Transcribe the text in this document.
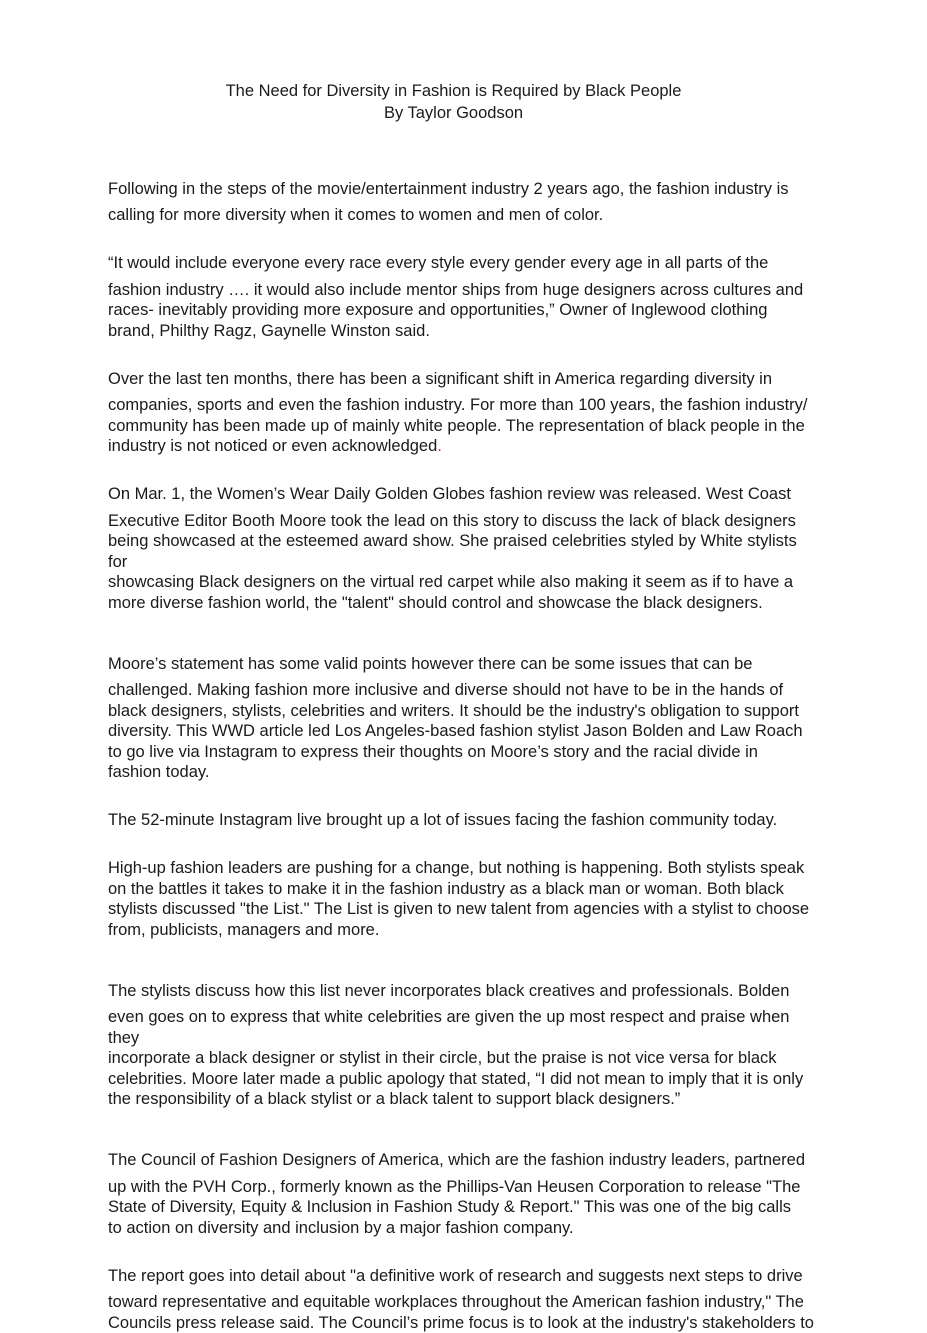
The Need for Diversity in Fashion is Required by Black People
By Taylor Goodson

Following in the steps of the movie/entertainment industry 2 years ago, the fashion industry is
calling for more diversity when it comes to women and men of color.

“It would include everyone every race every style every gender every age in all parts of the
fashion industry …. it would also include mentor ships from huge designers across cultures and
races- inevitably providing more exposure and opportunities,” Owner of Inglewood clothing
brand, Philthy Ragz, Gaynelle Winston said.

Over the last ten months, there has been a significant shift in America regarding diversity in
companies, sports and even the fashion industry. For more than 100 years, the fashion industry/
community has been made up of mainly white people. The representation of black people in the
industry is not noticed or even acknowledged.

On Mar. 1, the Women’s Wear Daily Golden Globes fashion review was released. West Coast
Executive Editor Booth Moore took the lead on this story to discuss the lack of black designers
being showcased at the esteemed award show. She praised celebrities styled by White stylists for
showcasing Black designers on the virtual red carpet while also making it seem as if to have a
more diverse fashion world, the "talent" should control and showcase the black designers.

Moore’s statement has some valid points however there can be some issues that can be
challenged. Making fashion more inclusive and diverse should not have to be in the hands of
black designers, stylists, celebrities and writers. It should be the industry's obligation to support
diversity. This WWD article led Los Angeles-based fashion stylist Jason Bolden and Law Roach
to go live via Instagram to express their thoughts on Moore’s story and the racial divide in
fashion today.

The 52-minute Instagram live brought up a lot of issues facing the fashion community today.

High-up fashion leaders are pushing for a change, but nothing is happening. Both stylists speak
on the battles it takes to make it in the fashion industry as a black man or woman. Both black
stylists discussed "the List." The List is given to new talent from agencies with a stylist to choose
from, publicists, managers and more.

The stylists discuss how this list never incorporates black creatives and professionals. Bolden
even goes on to express that white celebrities are given the up most respect and praise when they
incorporate a black designer or stylist in their circle, but the praise is not vice versa for black
celebrities. Moore later made a public apology that stated, “I did not mean to imply that it is only
the responsibility of a black stylist or a black talent to support black designers.”

The Council of Fashion Designers of America, which are the fashion industry leaders, partnered
up with the PVH Corp., formerly known as the Phillips-Van Heusen Corporation to release "The
State of Diversity, Equity & Inclusion in Fashion Study & Report." This was one of the big calls
to action on diversity and inclusion by a major fashion company.

The report goes into detail about "a definitive work of research and suggests next steps to drive
toward representative and equitable workplaces throughout the American fashion industry," The
Councils press release said. The Council’s prime focus is to look at the industry's stakeholders to
